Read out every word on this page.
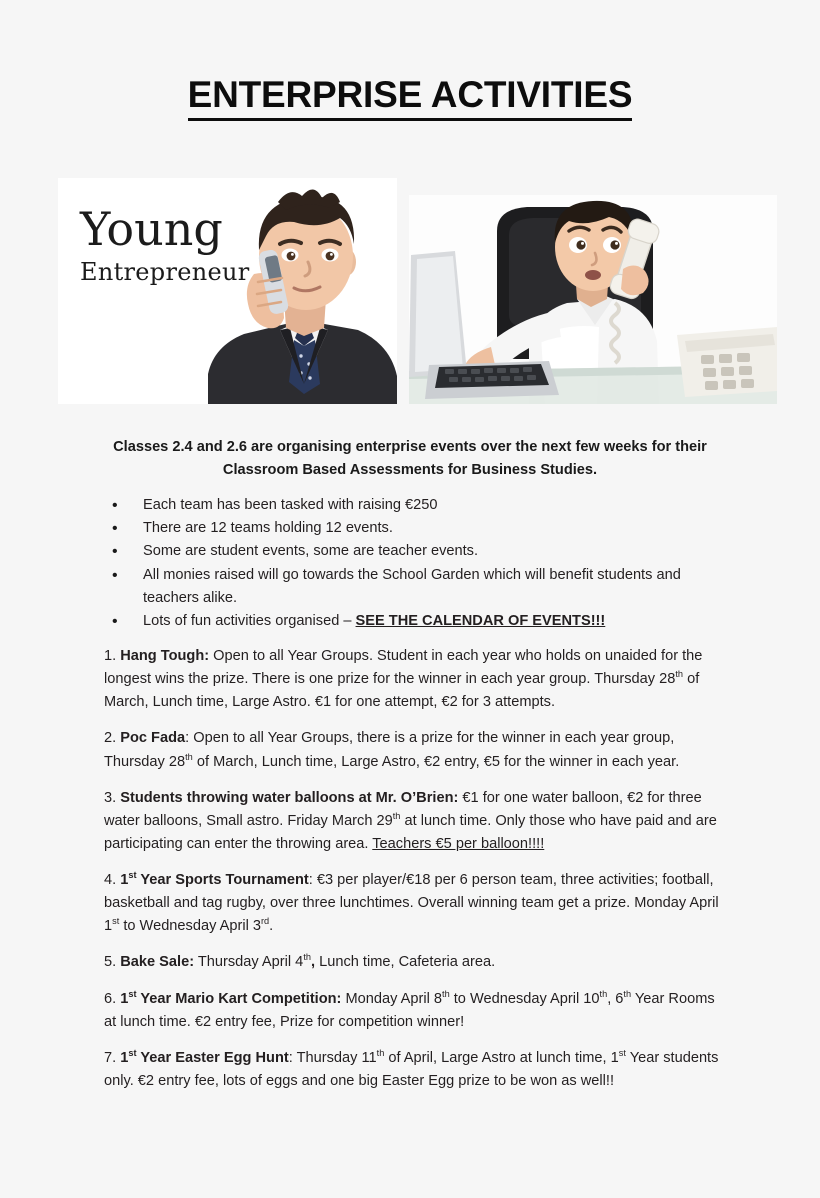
ENTERPRISE ACTIVITIES
Young
Entrepreneur
Classes 2.4 and 2.6 are organising enterprise events over the next few weeks for their Classroom Based Assessments for Business Studies.
• Each team has been tasked with raising €250
• There are 12 teams holding 12 events.
• Some are student events, some are teacher events.
• All monies raised will go towards the School Garden which will benefit students and teachers alike.
• Lots of fun activities organised – SEE THE CALENDAR OF EVENTS!!!

1. Hang Tough: Open to all Year Groups. Student in each year who holds on unaided for the longest wins the prize. There is one prize for the winner in each year group. Thursday 28th of March, Lunch time, Large Astro. €1 for one attempt, €2 for 3 attempts.

2. Poc Fada: Open to all Year Groups, there is a prize for the winner in each year group, Thursday 28th of March, Lunch time, Large Astro, €2 entry, €5 for the winner in each year.

3. Students throwing water balloons at Mr. O’Brien: €1 for one water balloon, €2 for three water balloons, Small astro. Friday March 29th at lunch time. Only those who have paid and are participating can enter the throwing area. Teachers €5 per balloon!!!!

4. 1st Year Sports Tournament: €3 per player/€18 per 6 person team, three activities; football, basketball and tag rugby, over three lunchtimes. Overall winning team get a prize. Monday April 1st to Wednesday April 3rd.

5. Bake Sale: Thursday April 4th, Lunch time, Cafeteria area.

6. 1st Year Mario Kart Competition: Monday April 8th to Wednesday April 10th, 6th Year Rooms at lunch time. €2 entry fee, Prize for competition winner!

7. 1st Year Easter Egg Hunt: Thursday 11th of April, Large Astro at lunch time, 1st Year students only. €2 entry fee, lots of eggs and one big Easter Egg prize to be won as well!!
